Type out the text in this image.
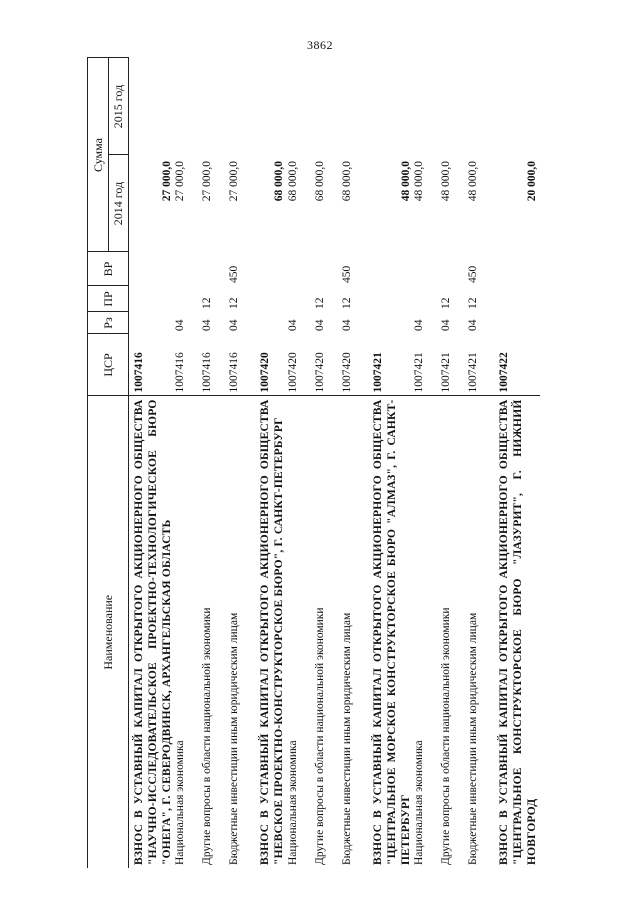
3862
Наименование	ЦСР	Рз	ПР	ВР	Сумма	
					2014 год	2015 год
ВЗНОС В УСТАВНЫЙ КАПИТАЛ ОТКРЫТОГО АКЦИОНЕРНОГО ОБЩЕСТВА "НАУЧНО-ИССЛЕДОВАТЕЛЬСКОЕ ПРОЕКТНО-ТЕХНОЛОГИЧЕСКОЕ БЮРО "ОНЕГА", Г. СЕВЕРОДВИНСК, АРХАНГЕЛЬСКАЯ ОБЛАСТЬ	1007416				27 000,0	
Национальная экономика	1007416	04			27 000,0	
Другие вопросы в области национальной экономики	1007416	04	12		27 000,0	
Бюджетные инвестиции иным юридическим лицам	1007416	04	12	450	27 000,0	
ВЗНОС В УСТАВНЫЙ КАПИТАЛ ОТКРЫТОГО АКЦИОНЕРНОГО ОБЩЕСТВА "НЕВСКОЕ ПРОЕКТНО-КОНСТРУКТОРСКОЕ БЮРО", Г. САНКТ-ПЕТЕРБУРГ	1007420				68 000,0	
Национальная экономика	1007420	04			68 000,0	
Другие вопросы в области национальной экономики	1007420	04	12		68 000,0	
Бюджетные инвестиции иным юридическим лицам	1007420	04	12	450	68 000,0	
ВЗНОС В УСТАВНЫЙ КАПИТАЛ ОТКРЫТОГО АКЦИОНЕРНОГО ОБЩЕСТВА "ЦЕНТРАЛЬНОЕ МОРСКОЕ КОНСТРУКТОРСКОЕ БЮРО "АЛМАЗ", Г. САНКТ-ПЕТЕРБУРГ	1007421				48 000,0	
Национальная экономика	1007421	04			48 000,0	
Другие вопросы в области национальной экономики	1007421	04	12		48 000,0	
Бюджетные инвестиции иным юридическим лицам	1007421	04	12	450	48 000,0	
ВЗНОС В УСТАВНЫЙ КАПИТАЛ ОТКРЫТОГО АКЦИОНЕРНОГО ОБЩЕСТВА "ЦЕНТРАЛЬНОЕ КОНСТРУКТОРСКОЕ БЮРО "ЛАЗУРИТ", Г. НИЖНИЙ НОВГОРОД	1007422				20 000,0	
